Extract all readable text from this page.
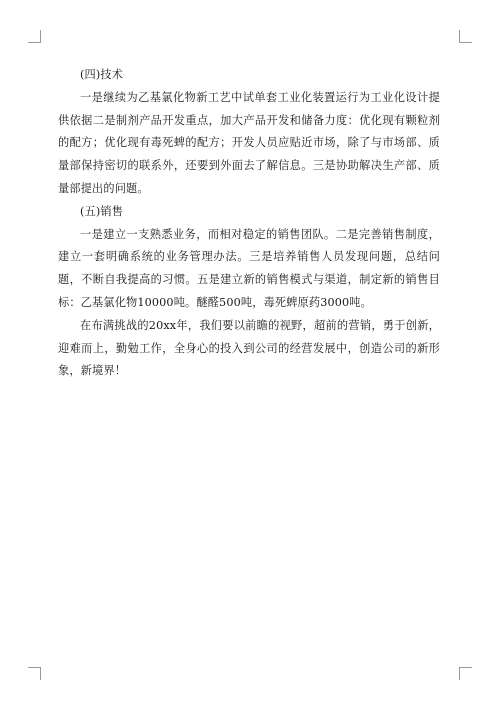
(四)技术

一是继续为乙基氯化物新工艺中试单套工业化装置运行为工业化设计提供依据二是制剂产品开发重点，加大产品开发和储备力度：优化现有颗粒剂的配方；优化现有毒死蜱的配方；开发人员应贴近市场，除了与市场部、质量部保持密切的联系外，还要到外面去了解信息。三是协助解决生产部、质量部提出的问题。

(五)销售

一是建立一支熟悉业务，而相对稳定的销售团队。二是完善销售制度，建立一套明确系统的业务管理办法。三是培养销售人员发现问题，总结问题，不断自我提高的习惯。五是建立新的销售模式与渠道，制定新的销售目标：乙基氯化物10000吨。醚醛500吨，毒死蜱原药3000吨。

在布满挑战的20xx年，我们要以前瞻的视野，超前的营销，勇于创新，迎难而上，勤勉工作，全身心的投入到公司的经营发展中，创造公司的新形象，新境界！
